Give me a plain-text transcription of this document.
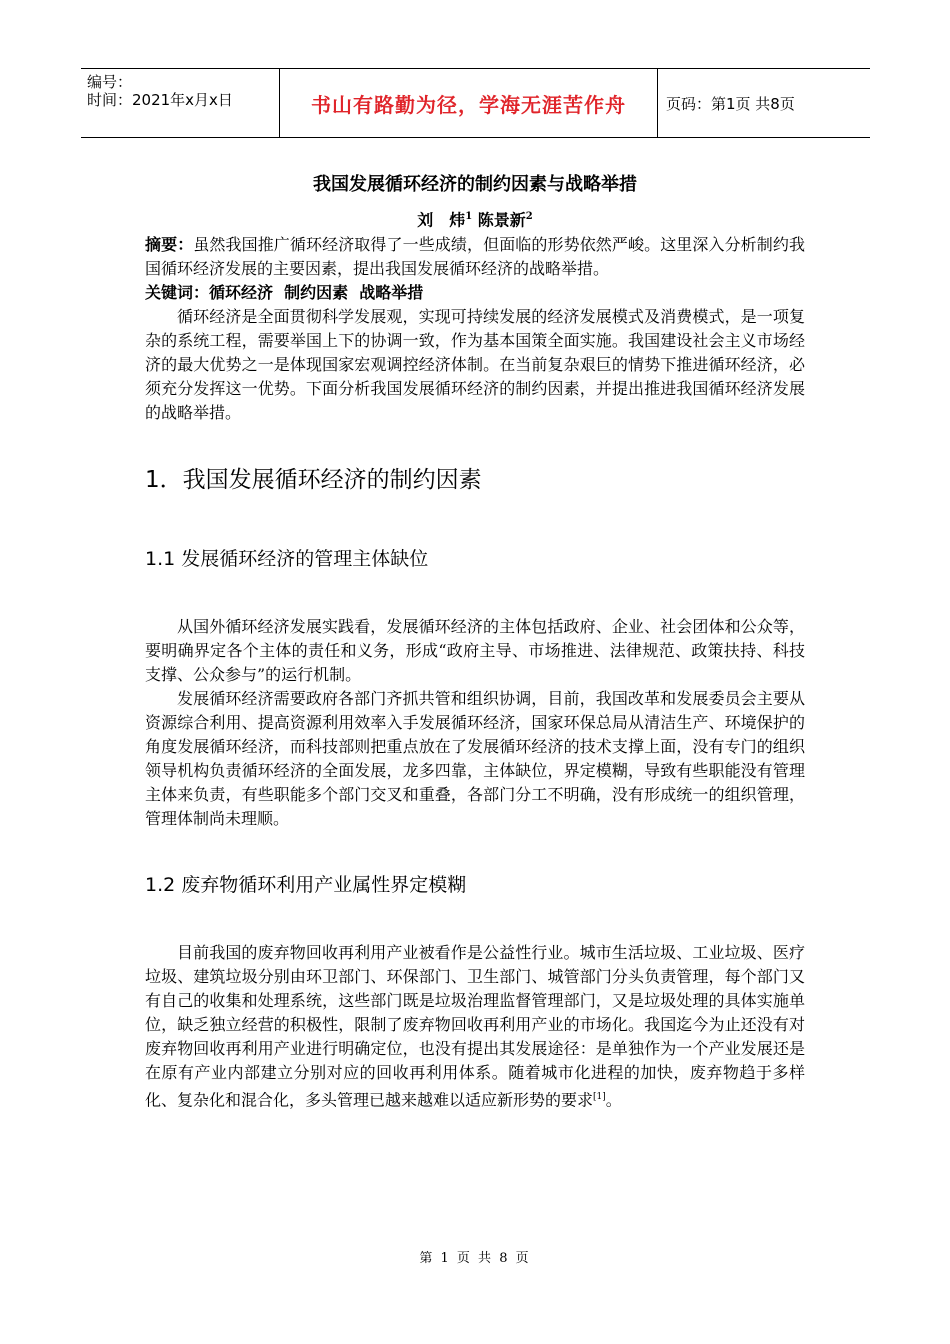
编号：
时间：2021年x月x日	书山有路勤为径，学海无涯苦作舟	页码：第1页 共8页
我国发展循环经济的制约因素与战略举措
刘　炜$^1$ 陈景新$^2$

摘要：虽然我国推广循环经济取得了一些成绩，但面临的形势依然严峻。这里深入分析制约我国循环经济发展的主要因素，提出我国发展循环经济的战略举措。

关键词：循环经济  制约因素  战略举措

循环经济是全面贯彻科学发展观，实现可持续发展的经济发展模式及消费模式，是一项复杂的系统工程，需要举国上下的协调一致，作为基本国策全面实施。我国建设社会主义市场经济的最大优势之一是体现国家宏观调控经济体制。在当前复杂艰巨的情势下推进循环经济，必须充分发挥这一优势。下面分析我国发展循环经济的制约因素，并提出推进我国循环经济发展的战略举措。

1．我国发展循环经济的制约因素
1.1 发展循环经济的管理主体缺位

从国外循环经济发展实践看，发展循环经济的主体包括政府、企业、社会团体和公众等，要明确界定各个主体的责任和义务，形成“政府主导、市场推进、法律规范、政策扶持、科技支撑、公众参与”的运行机制。

发展循环经济需要政府各部门齐抓共管和组织协调，目前，我国改革和发展委员会主要从资源综合利用、提高资源利用效率入手发展循环经济，国家环保总局从清洁生产、环境保护的角度发展循环经济，而科技部则把重点放在了发展循环经济的技术支撑上面，没有专门的组织领导机构负责循环经济的全面发展，龙多四靠，主体缺位，界定模糊，导致有些职能没有管理主体来负责，有些职能多个部门交叉和重叠，各部门分工不明确，没有形成统一的组织管理，管理体制尚未理顺。

1.2 废弃物循环利用产业属性界定模糊

目前我国的废弃物回收再利用产业被看作是公益性行业。城市生活垃圾、工业垃圾、医疗垃圾、建筑垃圾分别由环卫部门、环保部门、卫生部门、城管部门分头负责管理，每个部门又有自己的收集和处理系统，这些部门既是垃圾治理监督管理部门，又是垃圾处理的具体实施单位，缺乏独立经营的积极性，限制了废弃物回收再利用产业的市场化。我国迄今为止还没有对废弃物回收再利用产业进行明确定位，也没有提出其发展途径：是单独作为一个产业发展还是在原有产业内部建立分别对应的回收再利用体系。随着城市化进程的加快，废弃物趋于多样化、复杂化和混合化，多头管理已越来越难以适应新形势的要求[1]。

第 1 页 共 8 页
